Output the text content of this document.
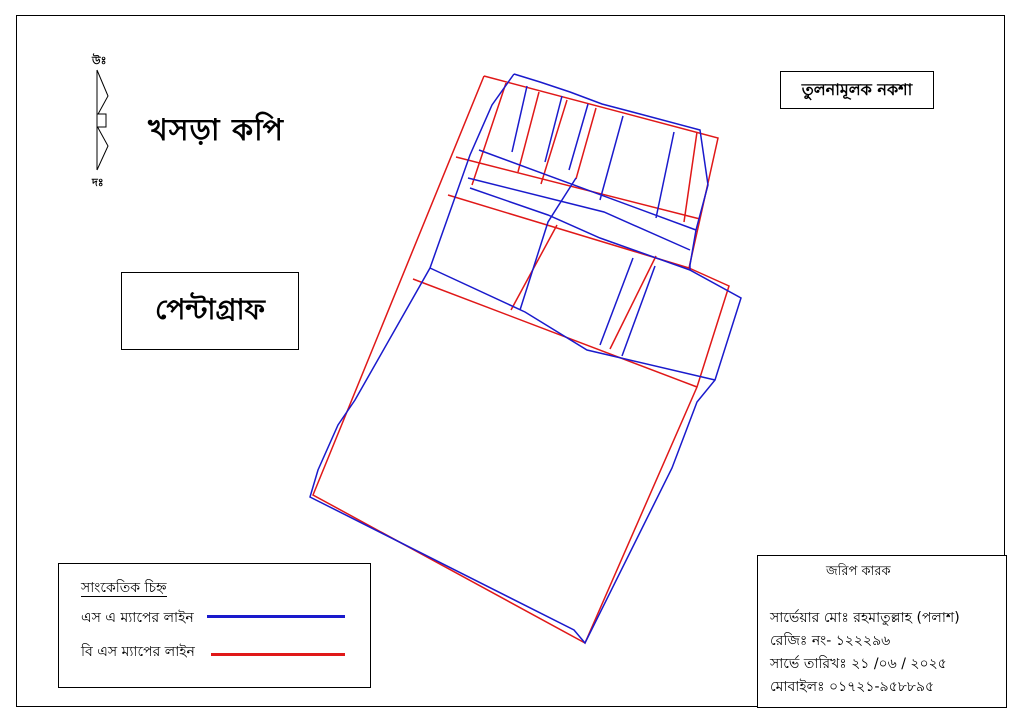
উঃ
দঃ
খসড়া কপি
পেন্টাগ্রাফ
তুলনামূলক নকশা
সাংকেতিক চিহ্ন
এস এ ম্যাপের লাইন
বি এস ম্যাপের লাইন
জরিপ কারক
সার্ভেয়ার মোঃ রহমাতুল্লাহ (পলাশ)
রেজিঃ নং- ১২২২৯৬
সার্ভে তারিখঃ ২১ /০৬ / ২০২৫
মোবাইলঃ ০১৭২১-৯৫৮৮৯৫
